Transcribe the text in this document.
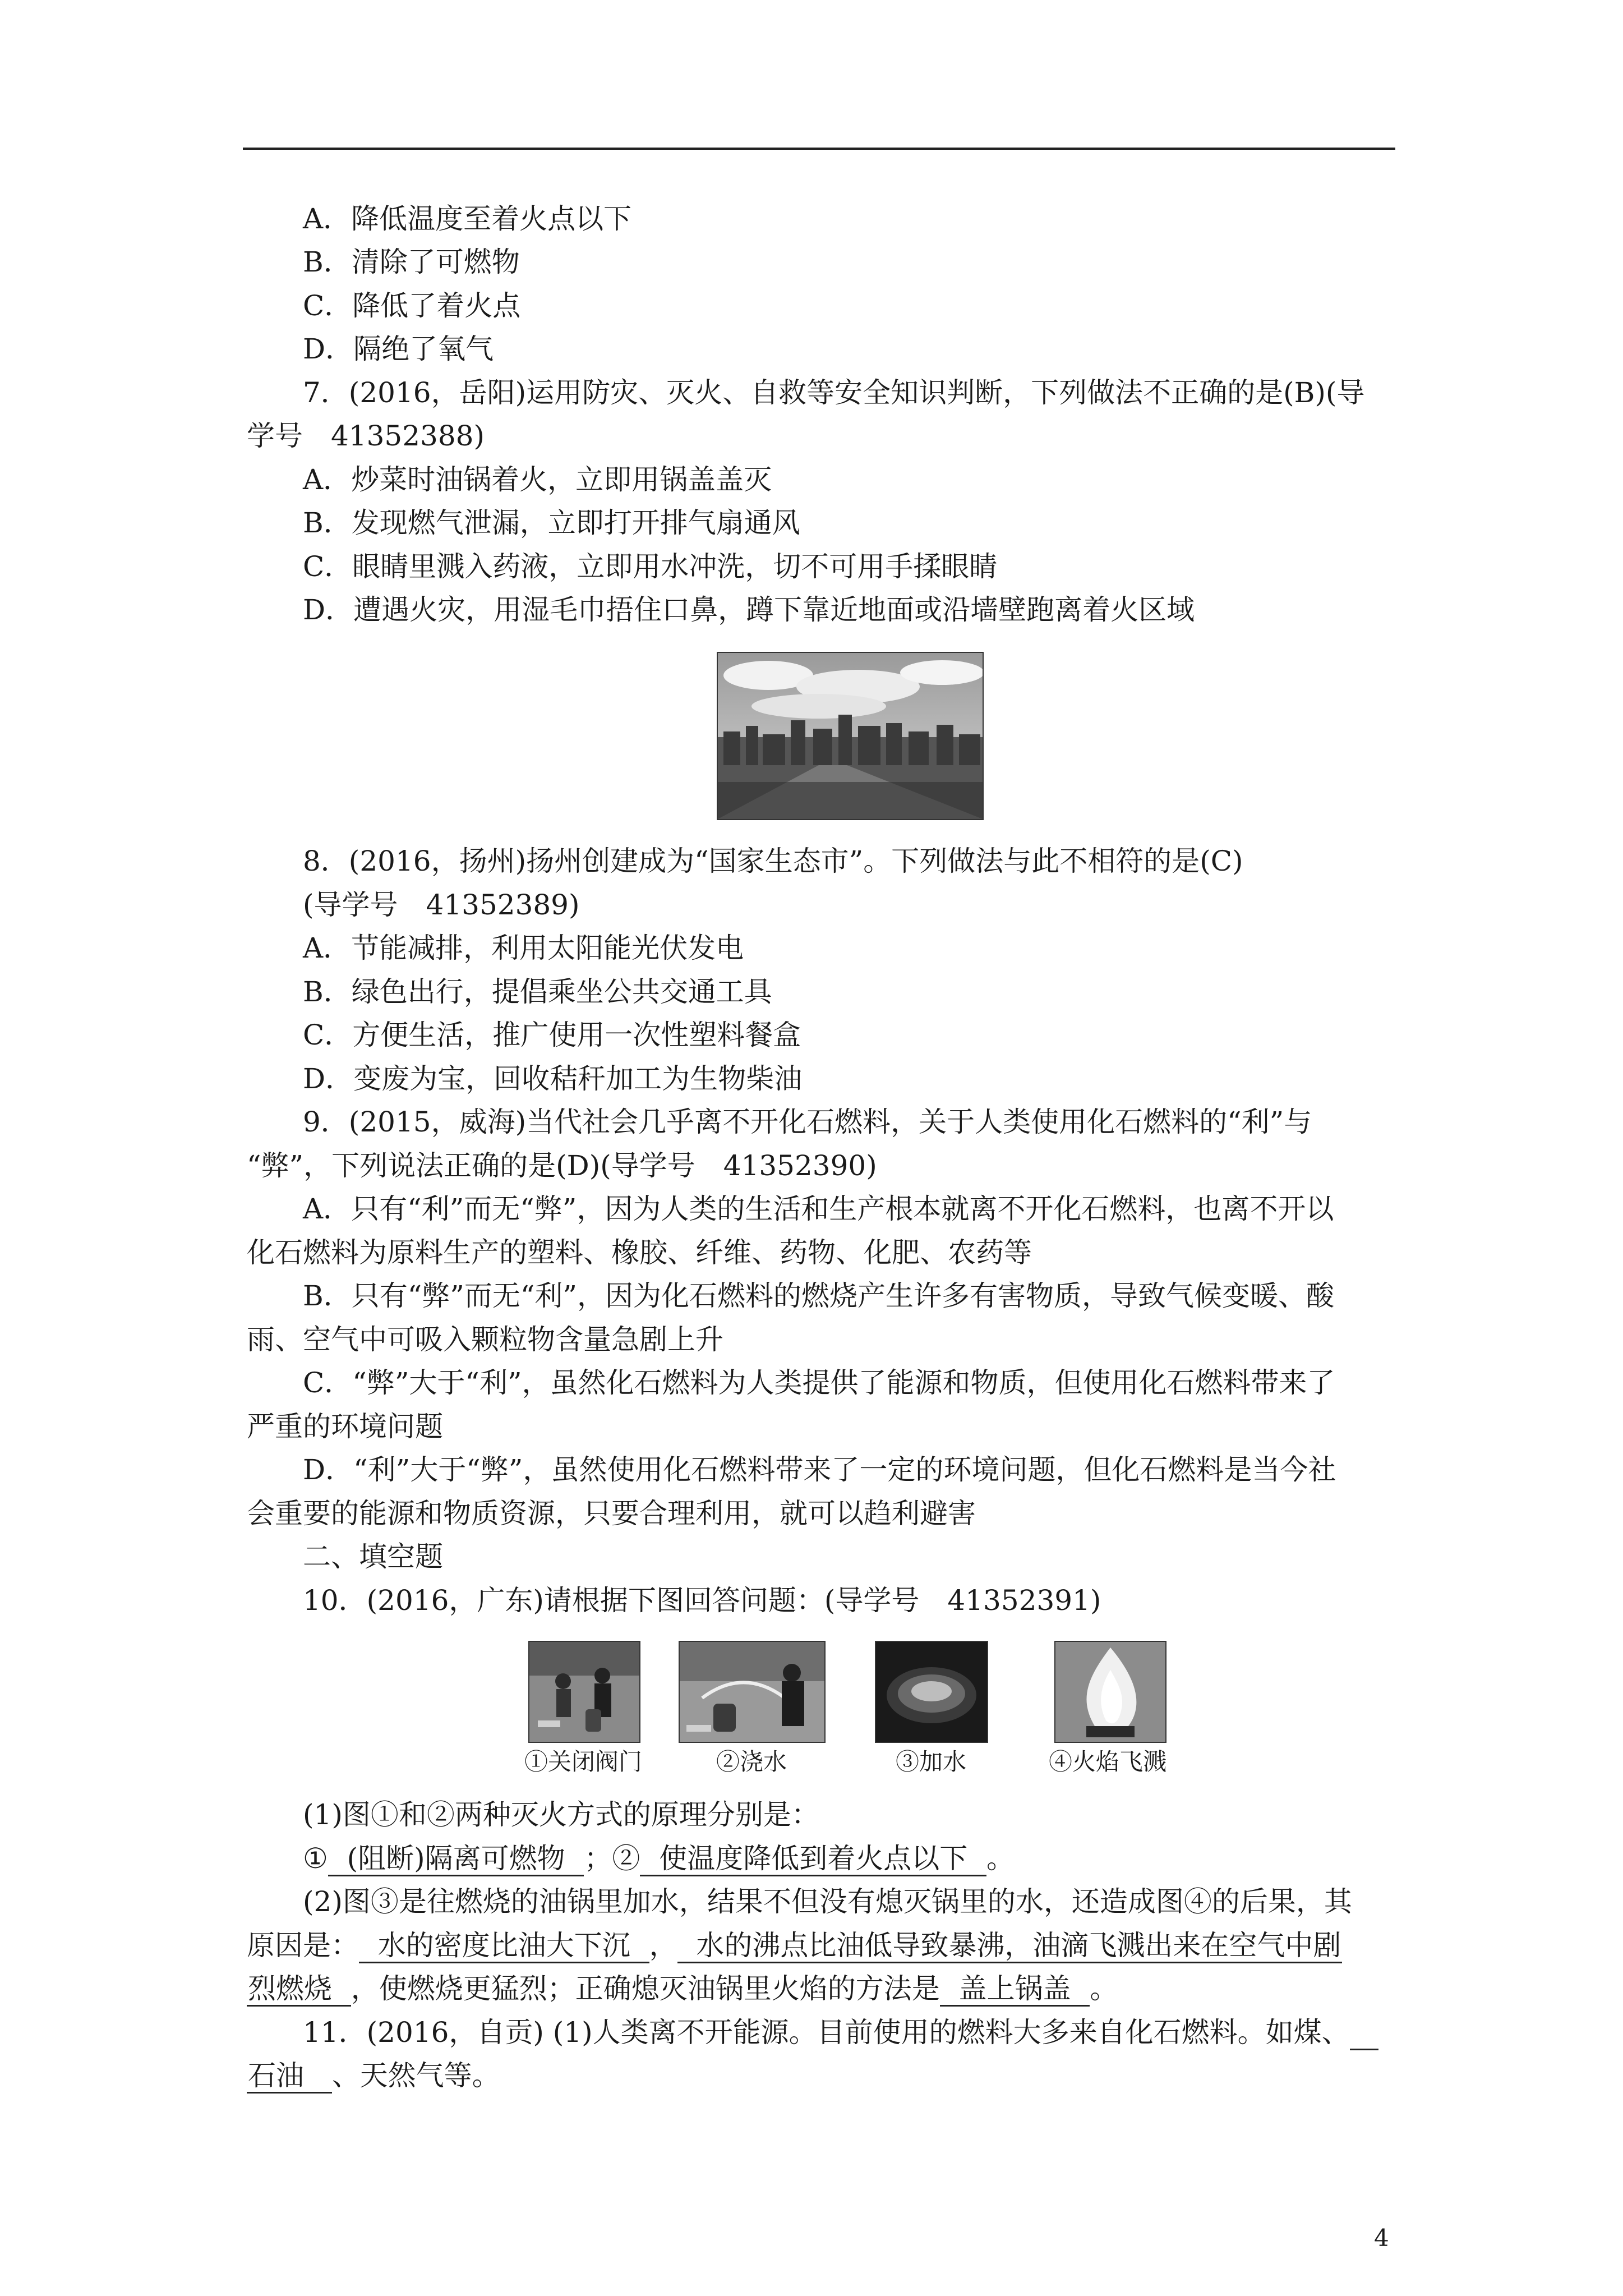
A．降低温度至着火点以下
B．清除了可燃物
C．降低了着火点
D．隔绝了氧气
7．(2016，岳阳)运用防灾、灭火、自救等安全知识判断，下列做法不正确的是(B)(导
学号　41352388)
A．炒菜时油锅着火，立即用锅盖盖灭
B．发现燃气泄漏，立即打开排气扇通风
C．眼睛里溅入药液，立即用水冲洗，切不可用手揉眼睛
D．遭遇火灾，用湿毛巾捂住口鼻，蹲下靠近地面或沿墙壁跑离着火区域
8．(2016，扬州)扬州创建成为“国家生态市”。下列做法与此不相符的是(C)
(导学号　41352389)
A．节能减排，利用太阳能光伏发电
B．绿色出行，提倡乘坐公共交通工具
C．方便生活，推广使用一次性塑料餐盒
D．变废为宝，回收秸秆加工为生物柴油
9．(2015，威海)当代社会几乎离不开化石燃料，关于人类使用化石燃料的“利”与
“弊”，下列说法正确的是(D)(导学号　41352390)
A．只有“利”而无“弊”，因为人类的生活和生产根本就离不开化石燃料，也离不开以
化石燃料为原料生产的塑料、橡胶、纤维、药物、化肥、农药等
B．只有“弊”而无“利”，因为化石燃料的燃烧产生许多有害物质，导致气候变暖、酸
雨、空气中可吸入颗粒物含量急剧上升
C．“弊”大于“利”，虽然化石燃料为人类提供了能源和物质，但使用化石燃料带来了
严重的环境问题
D．“利”大于“弊”，虽然使用化石燃料带来了一定的环境问题，但化石燃料是当今社
会重要的能源和物质资源，只要合理利用，就可以趋利避害
二、填空题
10．(2016，广东)请根据下图回答问题：(导学号　41352391)
①关闭阀门	②浇水	③加水	④火焰飞溅
(1)图①和②两种灭火方式的原理分别是：
① (阻断)隔离可燃物 ；② 使温度降低到着火点以下 。
(2)图③是往燃烧的油锅里加水，结果不但没有熄灭锅里的水，还造成图④的后果，其
原因是： 水的密度比油大下沉 ， 水的沸点比油低导致暴沸，油滴飞溅出来在空气中剧
烈燃烧 ，使燃烧更猛烈；正确熄灭油锅里火焰的方法是 盖上锅盖 。
11．(2016，自贡) (1)人类离不开能源。目前使用的燃料大多来自化石燃料。如煤、
石油 、天然气等。
4
